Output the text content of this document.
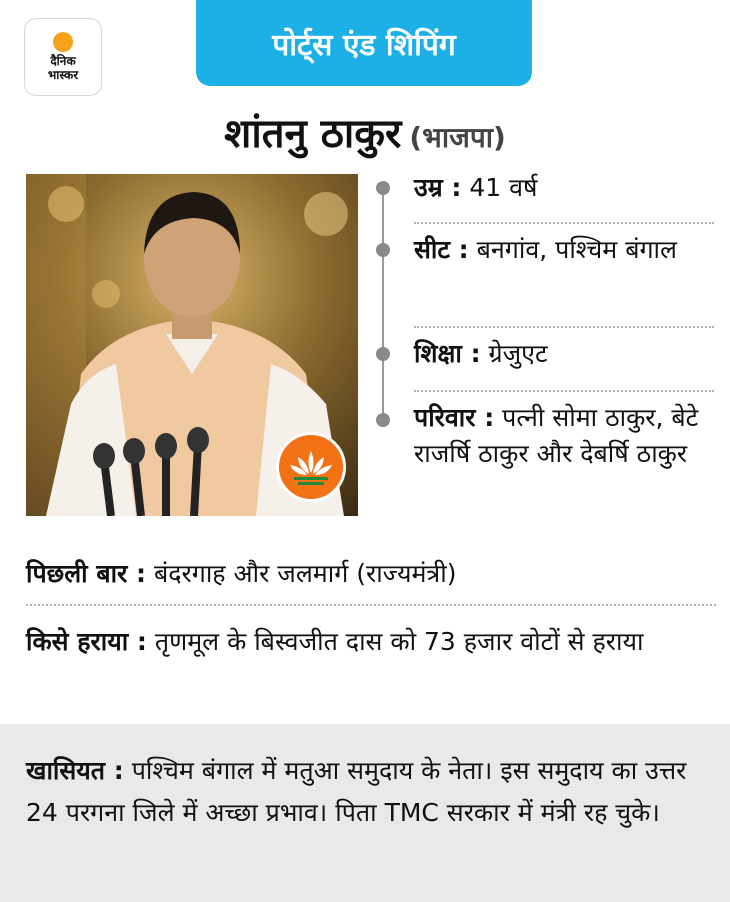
दैनिक
भास्कर
पोर्ट्स एंड शिपिंग
शांतनु ठाकुर (भाजपा)
उम्र : 41 वर्ष
सीट : बनगांव, पश्चिम बंगाल
शिक्षा : ग्रेजुएट
परिवार : पत्नी सोमा ठाकुर, बेटे राजर्षि ठाकुर और देबर्षि ठाकुर
पिछली बार : बंदरगाह और जलमार्ग (राज्यमंत्री)
किसे हराया : तृणमूल के बिस्वजीत दास को 73 हजार वोटों से हराया
खासियत : पश्चिम बंगाल में मतुआ समुदाय के नेता। इस समुदाय का उत्तर 24 परगना जिले में अच्छा प्रभाव। पिता TMC सरकार में मंत्री रह चुके।
